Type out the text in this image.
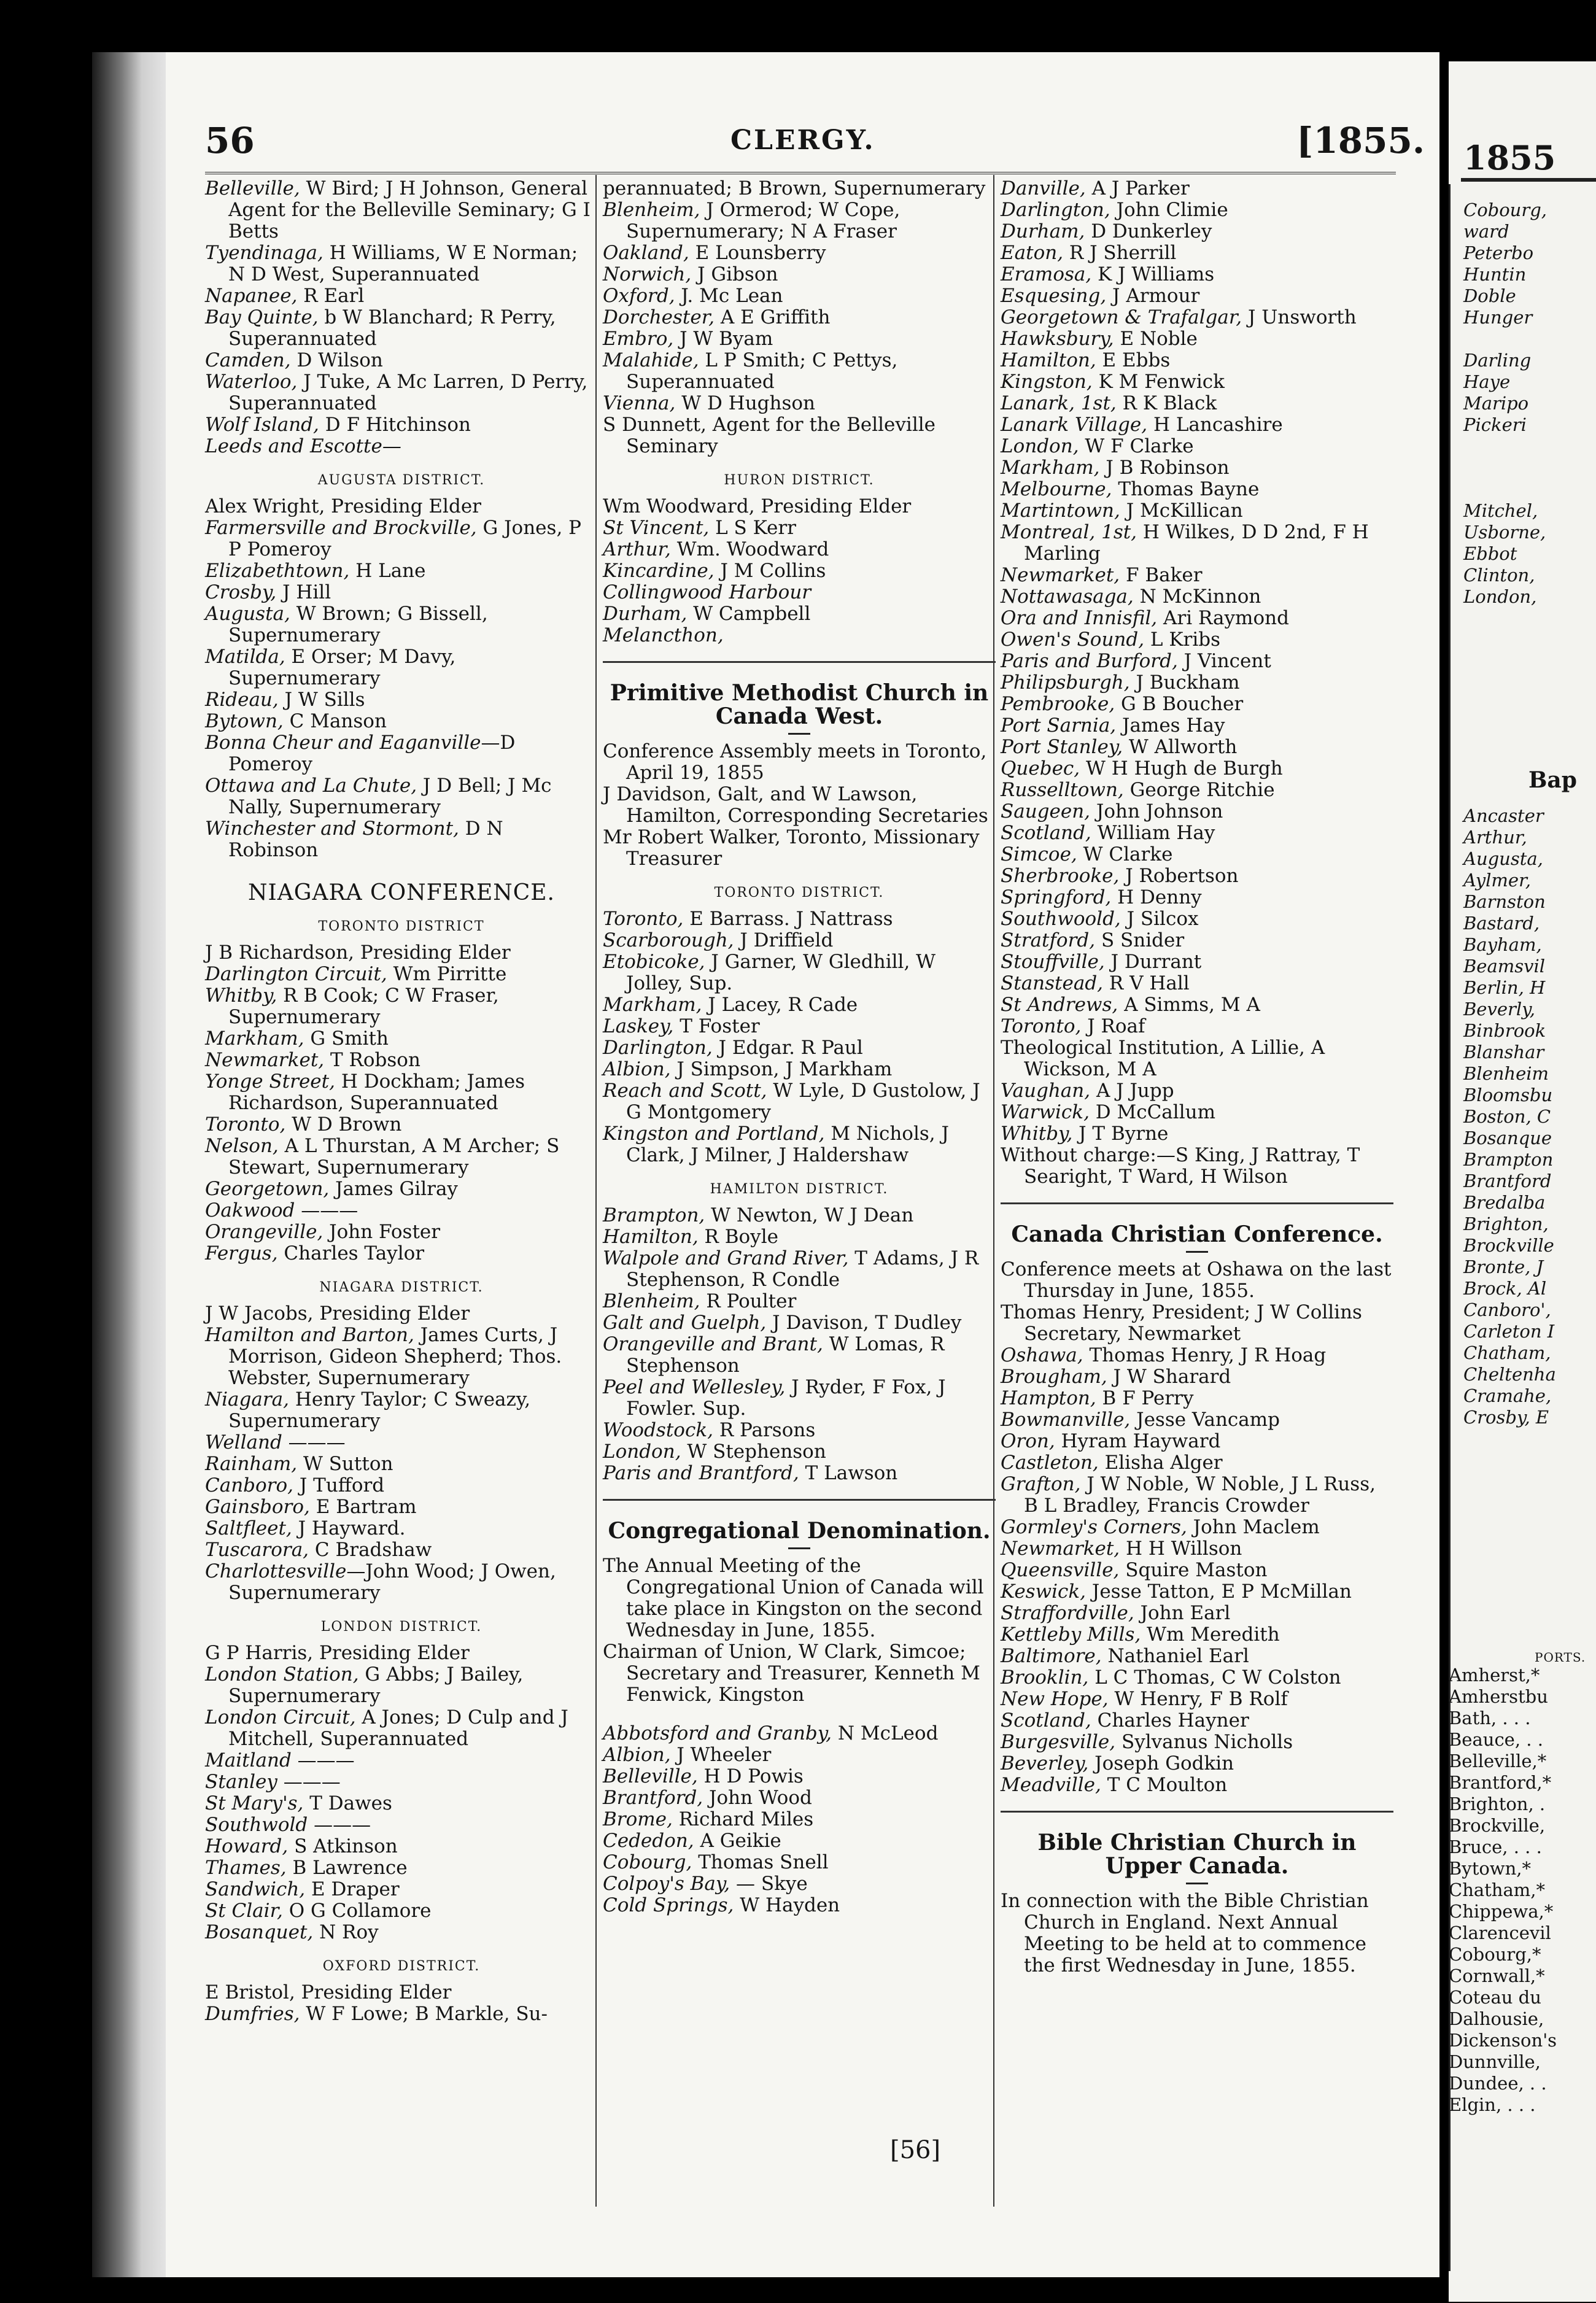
56	CLERGY.	[1855.
Belleville, W Bird; J H Johnson, General Agent for the Belleville Seminary; G I Betts
Tyendinaga, H Williams, W E Norman; N D West, Superannuated
Napanee, R Earl
Bay Quinte, b W Blanchard; R Perry, Superannuated
Camden, D Wilson
Waterloo, J Tuke, A Mc Larren, D Perry, Superannuated
Wolf Island, D F Hitchinson
Leeds and Escotte—
AUGUSTA DISTRICT.
Alex Wright, Presiding Elder
Farmersville and Brockville, G Jones, P P Pomeroy
Elizabethtown, H Lane
Crosby, J Hill
Augusta, W Brown; G Bissell, Supernumerary
Matilda, E Orser; M Davy, Supernumerary
Rideau, J W Sills
Bytown, C Manson
Bonna Cheur and Eaganville—D Pomeroy
Ottawa and La Chute, J D Bell; J Mc Nally, Supernumerary
Winchester and Stormont, D N Robinson
NIAGARA CONFERENCE.
TORONTO DISTRICT
J B Richardson, Presiding Elder
Darlington Circuit, Wm Pirritte
Whitby, R B Cook; C W Fraser, Supernumerary
Markham, G Smith
Newmarket, T Robson
Yonge Street, H Dockham; James Richardson, Superannuated
Toronto, W D Brown
Nelson, A L Thurstan, A M Archer; S Stewart, Supernumerary
Georgetown, James Gilray
Oakwood ———
Orangeville, John Foster
Fergus, Charles Taylor
NIAGARA DISTRICT.
J W Jacobs, Presiding Elder
Hamilton and Barton, James Curts, J Morrison, Gideon Shepherd; Thos. Webster, Supernumerary
Niagara, Henry Taylor; C Sweazy, Supernumerary
Welland ———
Rainham, W Sutton
Canboro, J Tufford
Gainsboro, E Bartram
Saltfleet, J Hayward.
Tuscarora, C Bradshaw
Charlottesville—John Wood; J Owen, Supernumerary
LONDON DISTRICT.
G P Harris, Presiding Elder
London Station, G Abbs; J Bailey, Supernumerary
London Circuit, A Jones; D Culp and J Mitchell, Superannuated
Maitland ———
Stanley ———
St Mary's, T Dawes
Southwold ———
Howard, S Atkinson
Thames, B Lawrence
Sandwich, E Draper
St Clair, O G Collamore
Bosanquet, N Roy
OXFORD DISTRICT.
E Bristol, Presiding Elder
Dumfries, W F Lowe; B Markle, Su-
perannuated; B Brown, Supernumerary
Blenheim, J Ormerod; W Cope, Supernumerary; N A Fraser
Oakland, E Lounsberry
Norwich, J Gibson
Oxford, J. Mc Lean
Dorchester, A E Griffith
Embro, J W Byam
Malahide, L P Smith; C Pettys, Superannuated
Vienna, W D Hughson
S Dunnett, Agent for the Belleville Seminary
HURON DISTRICT.
Wm Woodward, Presiding Elder
St Vincent, L S Kerr
Arthur, Wm. Woodward
Kincardine, J M Collins
Collingwood Harbour
Durham, W Campbell
Melancthon,
Primitive Methodist Church in Canada West.
Conference Assembly meets in Toronto, April 19, 1855
J Davidson, Galt, and W Lawson, Hamilton, Corresponding Secretaries
Mr Robert Walker, Toronto, Missionary Treasurer
TORONTO DISTRICT.
Toronto, E Barrass. J Nattrass
Scarborough, J Driffield
Etobicoke, J Garner, W Gledhill, W Jolley, Sup.
Markham, J Lacey, R Cade
Laskey, T Foster
Darlington, J Edgar. R Paul
Albion, J Simpson, J Markham
Reach and Scott, W Lyle, D Gustolow, J G Montgomery
Kingston and Portland, M Nichols, J Clark, J Milner, J Haldershaw
HAMILTON DISTRICT.
Brampton, W Newton, W J Dean
Hamilton, R Boyle
Walpole and Grand River, T Adams, J R Stephenson, R Condle
Blenheim, R Poulter
Galt and Guelph, J Davison, T Dudley
Orangeville and Brant, W Lomas, R Stephenson
Peel and Wellesley, J Ryder, F Fox, J Fowler. Sup.
Woodstock, R Parsons
London, W Stephenson
Paris and Brantford, T Lawson
Congregational Denomination.
The Annual Meeting of the Congregational Union of Canada will take place in Kingston on the second Wednesday in June, 1855.
Chairman of Union, W Clark, Simcoe; Secretary and Treasurer, Kenneth M Fenwick, Kingston
Abbotsford and Granby, N McLeod
Albion, J Wheeler
Belleville, H D Powis
Brantford, John Wood
Brome, Richard Miles
Cededon, A Geikie
Cobourg, Thomas Snell
Colpoy's Bay, — Skye
Cold Springs, W Hayden
Danville, A J Parker
Darlington, John Climie
Durham, D Dunkerley
Eaton, R J Sherrill
Eramosa, K J Williams
Esquesing, J Armour
Georgetown & Trafalgar, J Unsworth
Hawksbury, E Noble
Hamilton, E Ebbs
Kingston, K M Fenwick
Lanark, 1st, R K Black
Lanark Village, H Lancashire
London, W F Clarke
Markham, J B Robinson
Melbourne, Thomas Bayne
Martintown, J McKillican
Montreal, 1st, H Wilkes, D D 2nd, F H Marling
Newmarket, F Baker
Nottawasaga, N McKinnon
Ora and Innisfil, Ari Raymond
Owen's Sound, L Kribs
Paris and Burford, J Vincent
Philipsburgh, J Buckham
Pembrooke, G B Boucher
Port Sarnia, James Hay
Port Stanley, W Allworth
Quebec, W H Hugh de Burgh
Russelltown, George Ritchie
Saugeen, John Johnson
Scotland, William Hay
Simcoe, W Clarke
Sherbrooke, J Robertson
Springford, H Denny
Southwoold, J Silcox
Stratford, S Snider
Stouffville, J Durrant
Stanstead, R V Hall
St Andrews, A Simms, M A
Toronto, J Roaf
Theological Institution, A Lillie, A Wickson, M A
Vaughan, A J Jupp
Warwick, D McCallum
Whitby, J T Byrne
Without charge:—S King, J Rattray, T Searight, T Ward, H Wilson
Canada Christian Conference.
Conference meets at Oshawa on the last Thursday in June, 1855.
Thomas Henry, President; J W Collins Secretary, Newmarket
Oshawa, Thomas Henry, J R Hoag
Brougham, J W Sharard
Hampton, B F Perry
Bowmanville, Jesse Vancamp
Oron, Hyram Hayward
Castleton, Elisha Alger
Grafton, J W Noble, W Noble, J L Russ, B L Bradley, Francis Crowder
Gormley's Corners, John Maclem
Newmarket, H H Willson
Queensville, Squire Maston
Keswick, Jesse Tatton, E P McMillan
Straffordville, John Earl
Kettleby Mills, Wm Meredith
Baltimore, Nathaniel Earl
Brooklin, L C Thomas, C W Colston
New Hope, W Henry, F B Rolf
Scotland, Charles Hayner
Burgesville, Sylvanus Nicholls
Beverley, Joseph Godkin
Meadville, T C Moulton
Bible Christian Church in Upper Canada.
In connection with the Bible Christian Church in England. Next Annual Meeting to be held at to commence the first Wednesday in June, 1855.
[56]
1855
Cobourg,
ward
Peterbo
Huntin
Doble
Hunger
Darling
Haye
Maripo
Pickeri
Mitchel,
Usborne,
Ebbot
Clinton,
London,
Bap
Ancaster
Arthur,
Augusta,
Aylmer,
Barnston
Bastard,
Bayham,
Beamsvil
Berlin, H
Beverly,
Binbrook
Blanshar
Blenheim
Bloomsbu
Boston, C
Bosanque
Brampton
Brantford
Bredalba
Brighton,
Brockville
Bronte, J
Brock, Al
Canboro',
Carleton I
Chatham,
Cheltenha
Cramahe,
Crosby, E
PORTS.
Amherst,*
Amherstbu
Bath, . . .
Beauce, . .
Belleville,*
Brantford,*
Brighton, .
Brockville,
Bruce, . . .
Bytown,*
Chatham,*
Chippewa,*
Clarencevil
Cobourg,*
Cornwall,*
Coteau du
Dalhousie,
Dickenson's
Dunnville,
Dundee, . .
Elgin, . . .
